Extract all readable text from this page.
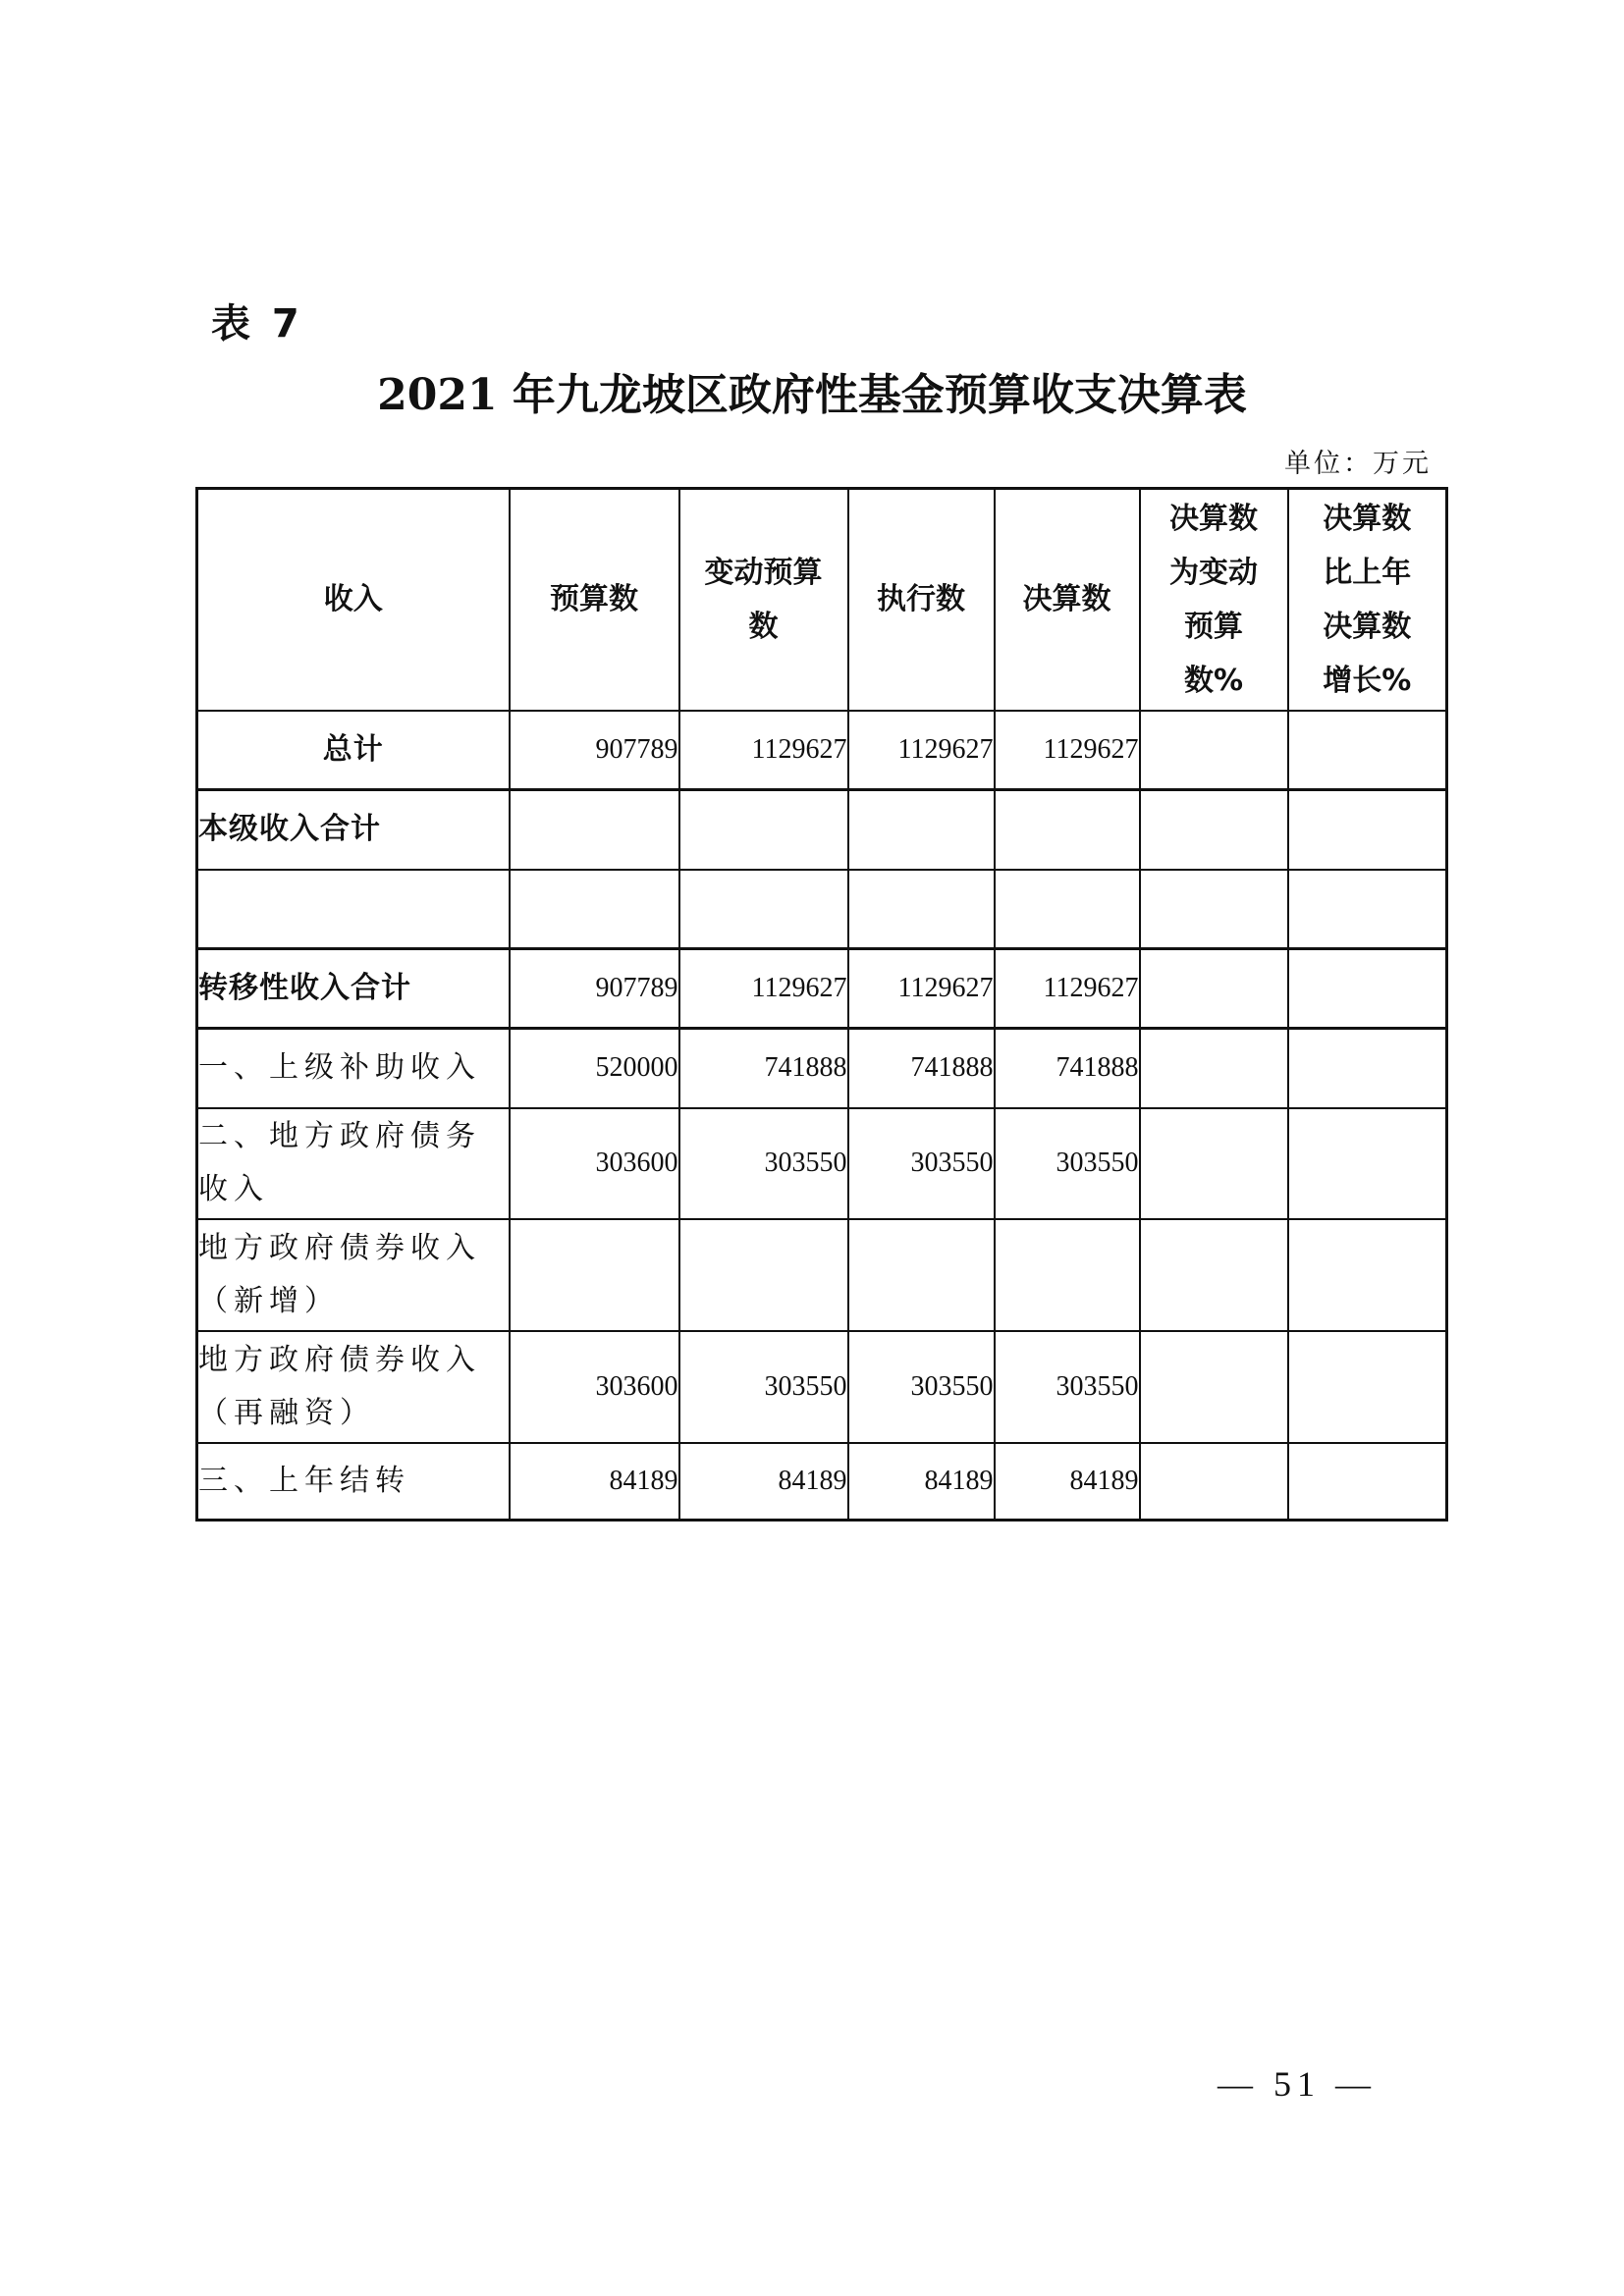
表 7
2021 年九龙坡区政府性基金预算收支决算表
单位：万元
收入	预算数	变动预算数	执行数	决算数	决算数为变动预算数%	决算数比上年决算数增长%

总计	907789	1129627	1129627	1129627		
本级收入合计						

转移性收入合计	907789	1129627	1129627	1129627		
一、上级补助收入	520000	741888	741888	741888		
二、地方政府债务收入	303600	303550	303550	303550		
地方政府债券收入（新增）						
地方政府债券收入（再融资）	303600	303550	303550	303550		
三、上年结转	84189	84189	84189	84189		
— 51 —
